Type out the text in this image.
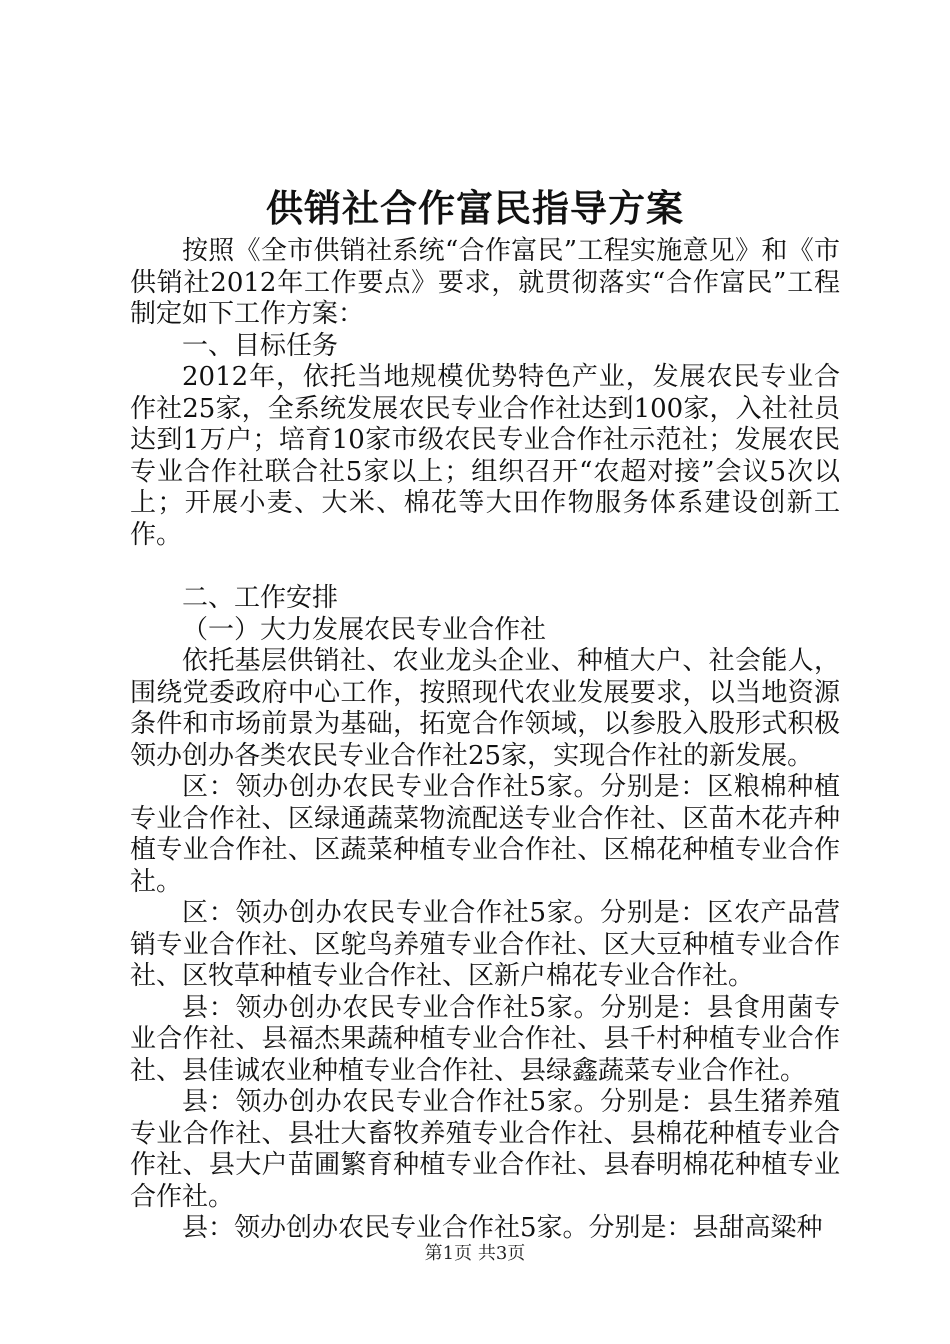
供销社合作富民指导方案

按照《全市供销社系统“合作富民”工程实施意见》和《市供销社2012年工作要点》要求，就贯彻落实“合作富民”工程制定如下工作方案：

一、目标任务

2012年，依托当地规模优势特色产业，发展农民专业合作社25家，全系统发展农民专业合作社达到100家，入社社员达到1万户；培育10家市级农民专业合作社示范社；发展农民专业合作社联合社5家以上；组织召开“农超对接”会议5次以上；开展小麦、大米、棉花等大田作物服务体系建设创新工作。

二、工作安排

（一）大力发展农民专业合作社

依托基层供销社、农业龙头企业、种植大户、社会能人，围绕党委政府中心工作，按照现代农业发展要求，以当地资源条件和市场前景为基础，拓宽合作领域，以参股入股形式积极领办创办各类农民专业合作社25家，实现合作社的新发展。

区：领办创办农民专业合作社5家。分别是：区粮棉种植专业合作社、区绿通蔬菜物流配送专业合作社、区苗木花卉种植专业合作社、区蔬菜种植专业合作社、区棉花种植专业合作社。

区：领办创办农民专业合作社5家。分别是：区农产品营销专业合作社、区鸵鸟养殖专业合作社、区大豆种植专业合作社、区牧草种植专业合作社、区新户棉花专业合作社。

县：领办创办农民专业合作社5家。分别是：县食用菌专业合作社、县福杰果蔬种植专业合作社、县千村种植专业合作社、县佳诚农业种植专业合作社、县绿鑫蔬菜专业合作社。

县：领办创办农民专业合作社5家。分别是：县生猪养殖专业合作社、县壮大畜牧养殖专业合作社、县棉花种植专业合作社、县大户苗圃繁育种植专业合作社、县春明棉花种植专业合作社。

县：领办创办农民专业合作社5家。分别是：县甜高粱种

第1页 共3页
